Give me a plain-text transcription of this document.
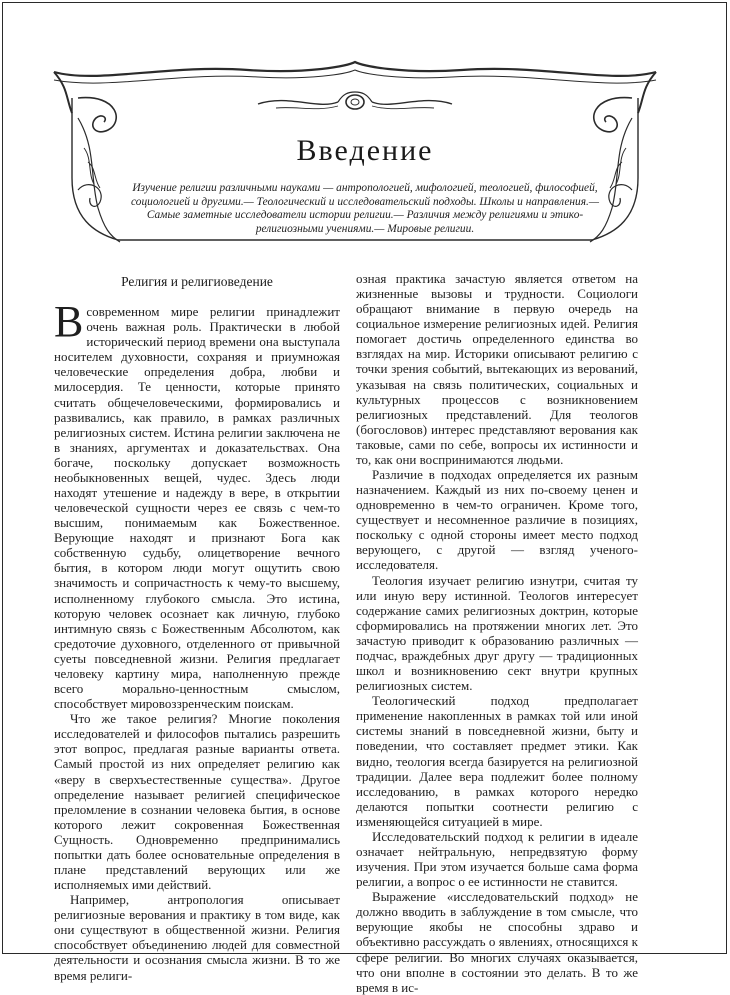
Введение
Изучение религии различными науками — антропологией, мифологией, теологией, философией, социологией и другими.— Теологический и исследовательский подходы. Школы и направления.— Самые заметные исследователи истории религии.— Различия между религиями и этико-религиозными учениями.— Мировые религии.
Религия и религиоведение

Всовременном мире религии принадлежит очень важная роль. Практически в любой исторический период времени она выступала носителем духовности, сохраняя и приумножая человеческие определения добра, любви и милосердия. Те ценности, которые принято считать общечеловеческими, формировались и развивались, как правило, в рамках различных религиозных систем. Истина религии заключена не в знаниях, аргументах и доказательствах. Она богаче, поскольку допускает возможность необыкновенных вещей, чудес. Здесь люди находят утешение и надежду в вере, в открытии человеческой сущности через ее связь с чем-то высшим, понимаемым как Божественное. Верующие находят и признают Бога как собственную судьбу, олицетворение вечного бытия, в котором люди могут ощутить свою значимость и сопричастность к чему-то высшему, исполненному глубокого смысла. Это истина, которую человек осознает как личную, глубоко интимную связь с Божественным Абсолютом, как средоточие духовного, отделенного от привычной суеты повседневной жизни. Религия предлагает человеку картину мира, наполненную прежде всего морально-ценностным смыслом, способствует мировоззренческим поискам.

Что же такое религия? Многие поколения исследователей и философов пытались разрешить этот вопрос, предлагая разные варианты ответа. Самый простой из них определяет религию как «веру в сверхъестественные существа». Другое определение называет религией специфическое преломление в сознании человека бытия, в основе которого лежит сокровенная Божественная Сущность. Одновременно предпринимались попытки дать более основательные определения в плане представлений верующих или же исполняемых ими действий.

Например, антропология описывает религиозные верования и практику в том виде, как они существуют в общественной жизни. Религия способствует объединению людей для совместной деятельности и осознания смысла жизни. В то же время религи-

озная практика зачастую является ответом на жизненные вызовы и трудности. Социологи обращают внимание в первую очередь на социальное измерение религиозных идей. Религия помогает достичь определенного единства во взглядах на мир. Историки описывают религию с точки зрения событий, вытекающих из верований, указывая на связь политических, социальных и культурных процессов с возникновением религиозных представлений. Для теологов (богословов) интерес представляют верования как таковые, сами по себе, вопросы их истинности и то, как они воспринимаются людьми.

Различие в подходах определяется их разным назначением. Каждый из них по-своему ценен и одновременно в чем-то ограничен. Кроме того, существует и несомненное различие в позициях, поскольку с одной стороны имеет место подход верующего, с другой — взгляд ученого-исследователя.

Теология изучает религию изнутри, считая ту или иную веру истинной. Теологов интересует содержание самих религиозных доктрин, которые сформировались на протяжении многих лет. Это зачастую приводит к образованию различных — подчас, враждебных друг другу — традиционных школ и возникновению сект внутри крупных религиозных систем.

Теологический подход предполагает применение накопленных в рамках той или иной системы знаний в повседневной жизни, быту и поведении, что составляет предмет этики. Как видно, теология всегда базируется на религиозной традиции. Далее вера подлежит более полному исследованию, в рамках которого нередко делаются попытки соотнести религию с изменяющейся ситуацией в мире.

Исследовательский подход к религии в идеале означает нейтральную, непредвзятую форму изучения. При этом изучается больше сама форма религии, а вопрос о ее истинности не ставится.

Выражение «исследовательский подход» не должно вводить в заблуждение в том смысле, что верующие якобы не способны здраво и объективно рассуждать о явлениях, относящихся к сфере религии. Во многих случаях оказывается, что они вполне в состоянии это делать. В то же время в ис-
